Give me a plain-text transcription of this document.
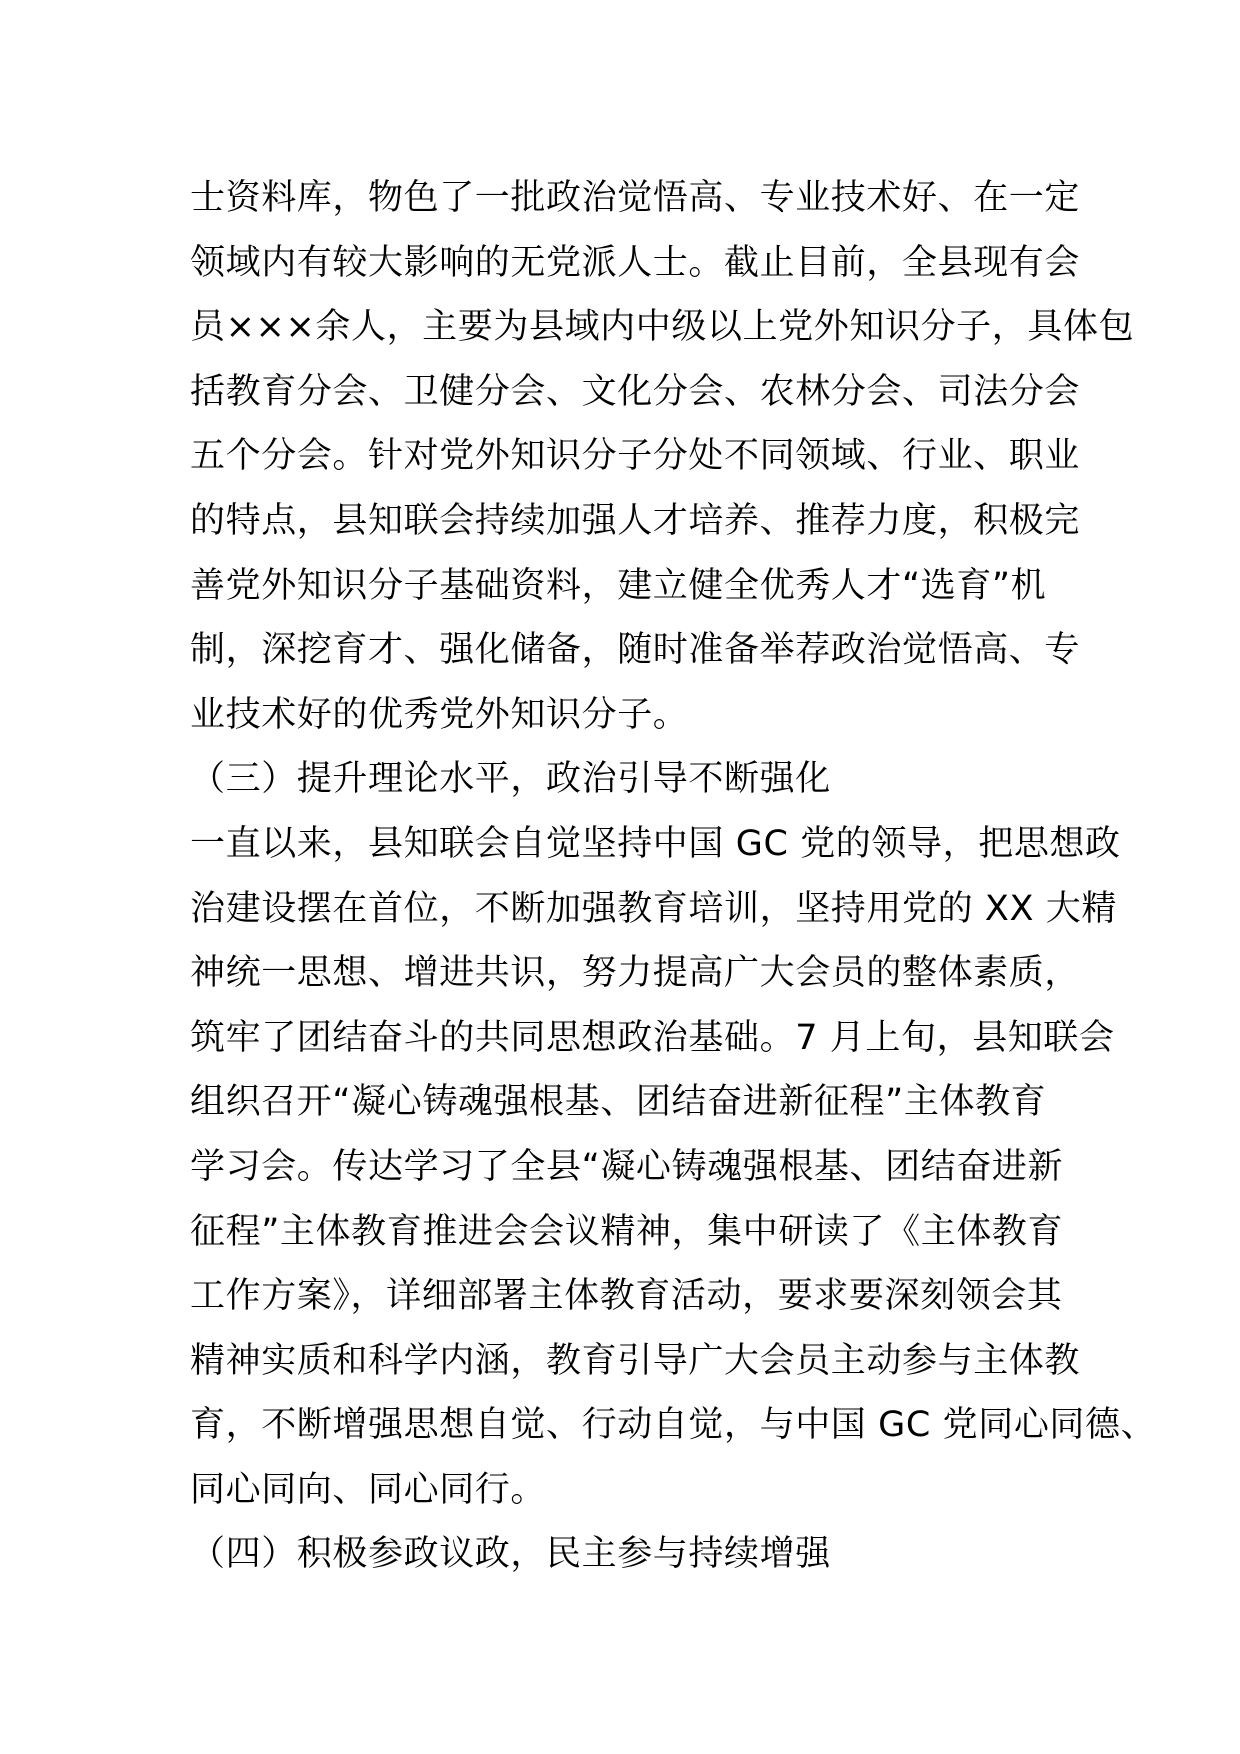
士资料库，物色了一批政治觉悟高、专业技术好、在一定
领域内有较大影响的无党派人士。截止目前，全县现有会
员×××余人，主要为县域内中级以上党外知识分子，具体包
括教育分会、卫健分会、文化分会、农林分会、司法分会
五个分会。针对党外知识分子分处不同领域、行业、职业
的特点，县知联会持续加强人才培养、推荐力度，积极完
善党外知识分子基础资料，建立健全优秀人才“选育”机
制，深挖育才、强化储备，随时准备举荐政治觉悟高、专
业技术好的优秀党外知识分子。
（三）提升理论水平，政治引导不断强化
一直以来，县知联会自觉坚持中国 GC 党的领导，把思想政
治建设摆在首位，不断加强教育培训，坚持用党的 XX 大精
神统一思想、增进共识，努力提高广大会员的整体素质，
筑牢了团结奋斗的共同思想政治基础。7 月上旬，县知联会
组织召开“凝心铸魂强根基、团结奋进新征程”主体教育
学习会。传达学习了全县“凝心铸魂强根基、团结奋进新
征程”主体教育推进会会议精神，集中研读了《主体教育
工作方案》，详细部署主体教育活动，要求要深刻领会其
精神实质和科学内涵，教育引导广大会员主动参与主体教
育，不断增强思想自觉、行动自觉，与中国 GC 党同心同德、
同心同向、同心同行。
（四）积极参政议政，民主参与持续增强
